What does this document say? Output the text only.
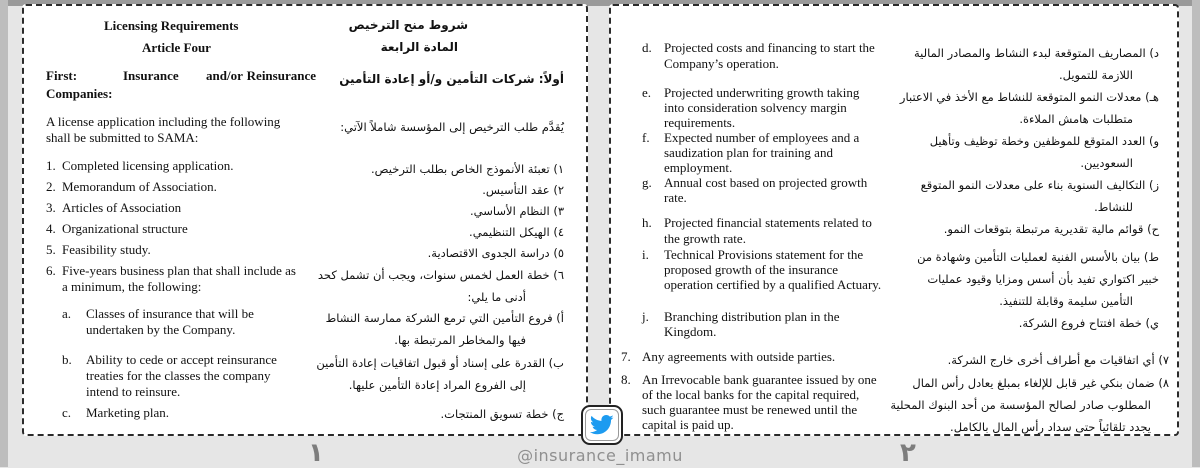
Licensing Requirements
Article Four
First:	Insurance and/or Reinsurance
Companies:
A license application including the following
shall be submitted to SAMA:
1. Completed licensing application.
2. Memorandum of Association.
3. Articles of Association
4. Organizational structure
5. Feasibility study.
6. Five-years business plan that shall include as
a minimum, the following:
a. Classes of insurance that will be
undertaken by the Company.
b. Ability to cede or accept reinsurance
treaties for the classes the company
intend to reinsure.
c. Marketing plan.
شروط منح الترخيص
المادة الرابعة
أولاً: شركات التأمين و/أو إعادة التأمين
يُقدَّم طلب الترخيص إلى المؤسسة شاملاً الآتي:
١) تعبئة الأنموذج الخاص بطلب الترخيص.
٢) عقد التأسيس.
٣) النظام الأساسي.
٤) الهيكل التنظيمي.
٥) دراسة الجدوى الاقتصادية.
٦) خطة العمل لخمس سنوات، ويجب أن تشمل كحد
أدنى ما يلي:
أ) فروع التأمين التي ترمع الشركة ممارسة النشاط
فيها والمخاطر المرتبطة بها.
ب) القدرة على إسناد أو قبول اتفاقيات إعادة التأمين
إلى الفروع المراد إعادة التأمين عليها.
ج) خطة تسويق المنتجات.
d. Projected costs and financing to start the
Company’s operation.
e. Projected underwriting growth taking
into consideration solvency margin
requirements.
f. Expected number of employees and a
saudization plan for training and
employment.
g. Annual cost based on projected growth
rate.
h. Projected financial statements related to
the growth rate.
i. Technical Provisions statement for the
proposed growth of the insurance
operation certified by a qualified Actuary.
j. Branching distribution plan in the
Kingdom.
7. Any agreements with outside parties.
8. An Irrevocable bank guarantee issued by one
of the local banks for the capital required,
such guarantee must be renewed until the
capital is paid up.
د) المصاريف المتوقعة لبدء النشاط والمصادر المالية
اللازمة للتمويل.
هـ) معدلات النمو المتوقعة للنشاط مع الأخذ في الاعتبار
متطلبات هامش الملاءة.
و) العدد المتوقع للموظفين وخطة توظيف وتأهيل
السعوديين.
ز) التكاليف السنوية بناء على معدلات النمو المتوقع
للنشاط.
ح) قوائم مالية تقديرية مرتبطة بتوقعات النمو.
ط) بيان بالأسس الفنية لعمليات التأمين وشهادة من
خبير اكتواري تفيد بأن أسس ومزايا وقيود عمليات
التأمين سليمة وقابلة للتنفيذ.
ي) خطة افتتاح فروع الشركة.
٧) أي اتفاقيات مع أطراف أخرى خارج الشركة.
٨) ضمان بنكي غير قابل للإلغاء بمبلغ يعادل رأس المال
المطلوب صادر لصالح المؤسسة من أحد البنوك المحلية
يجدد تلقائياً حتى سداد رأس المال بالكامل.
١	٢
@insurance_imamu
